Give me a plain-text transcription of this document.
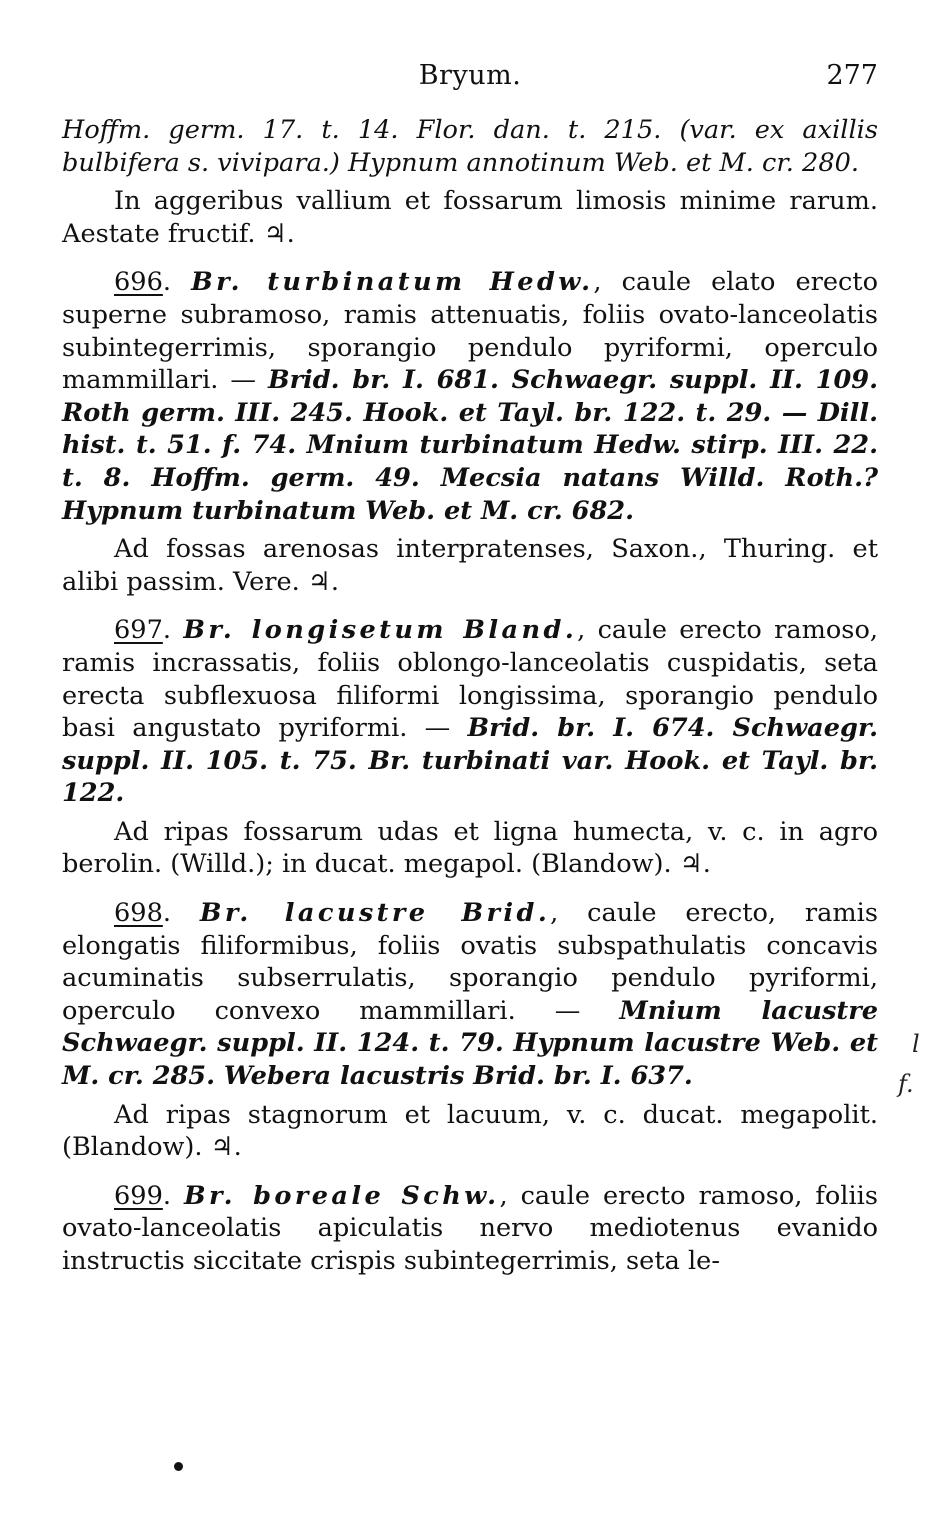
Bryum.	277

Hoffm. germ. 17. t. 14. Flor. dan. t. 215. (var. ex axillis bulbifera s. vivipara.) Hypnum annotinum Web. et M. cr. 280.

In aggeribus vallium et fossarum limosis minime rarum. Aestate fructif. ♃.

696. Br. turbinatum Hedw., caule elato erecto superne subramoso, ramis attenuatis, foliis ovato-lanceolatis subintegerrimis, sporangio pendulo pyriformi, operculo mammillari. — Brid. br. I. 681. Schwaegr. suppl. II. 109. Roth germ. III. 245. Hook. et Tayl. br. 122. t. 29. — Dill. hist. t. 51. f. 74. Mnium turbinatum Hedw. stirp. III. 22. t. 8. Hoffm. germ. 49. Mecsia natans Willd. Roth.? Hypnum turbinatum Web. et M. cr. 682.

Ad fossas arenosas interpratenses, Saxon., Thuring. et alibi passim. Vere. ♃.

697. Br. longisetum Bland., caule erecto ramoso, ramis incrassatis, foliis oblongo-lanceolatis cuspidatis, seta erecta subflexuosa filiformi longissima, sporangio pendulo basi angustato pyriformi. — Brid. br. I. 674. Schwaegr. suppl. II. 105. t. 75. Br. turbinati var. Hook. et Tayl. br. 122.

Ad ripas fossarum udas et ligna humecta, v. c. in agro berolin. (Willd.); in ducat. megapol. (Blandow). ♃.

698. Br. lacustre Brid., caule erecto, ramis elongatis filiformibus, foliis ovatis subspathulatis concavis acuminatis subserrulatis, sporangio pendulo pyriformi, operculo convexo mammillari. — Mnium lacustre Schwaegr. suppl. II. 124. t. 79. Hypnum lacustre Web. et M. cr. 285. Webera lacustris Brid. br. I. 637.

Ad ripas stagnorum et lacuum, v. c. ducat. megapolit. (Blandow). ♃.

699. Br. boreale Schw., caule erecto ramoso, foliis ovato-lanceolatis apiculatis nervo mediotenus evanido instructis siccitate crispis subintegerrimis, seta le-

l
f.
